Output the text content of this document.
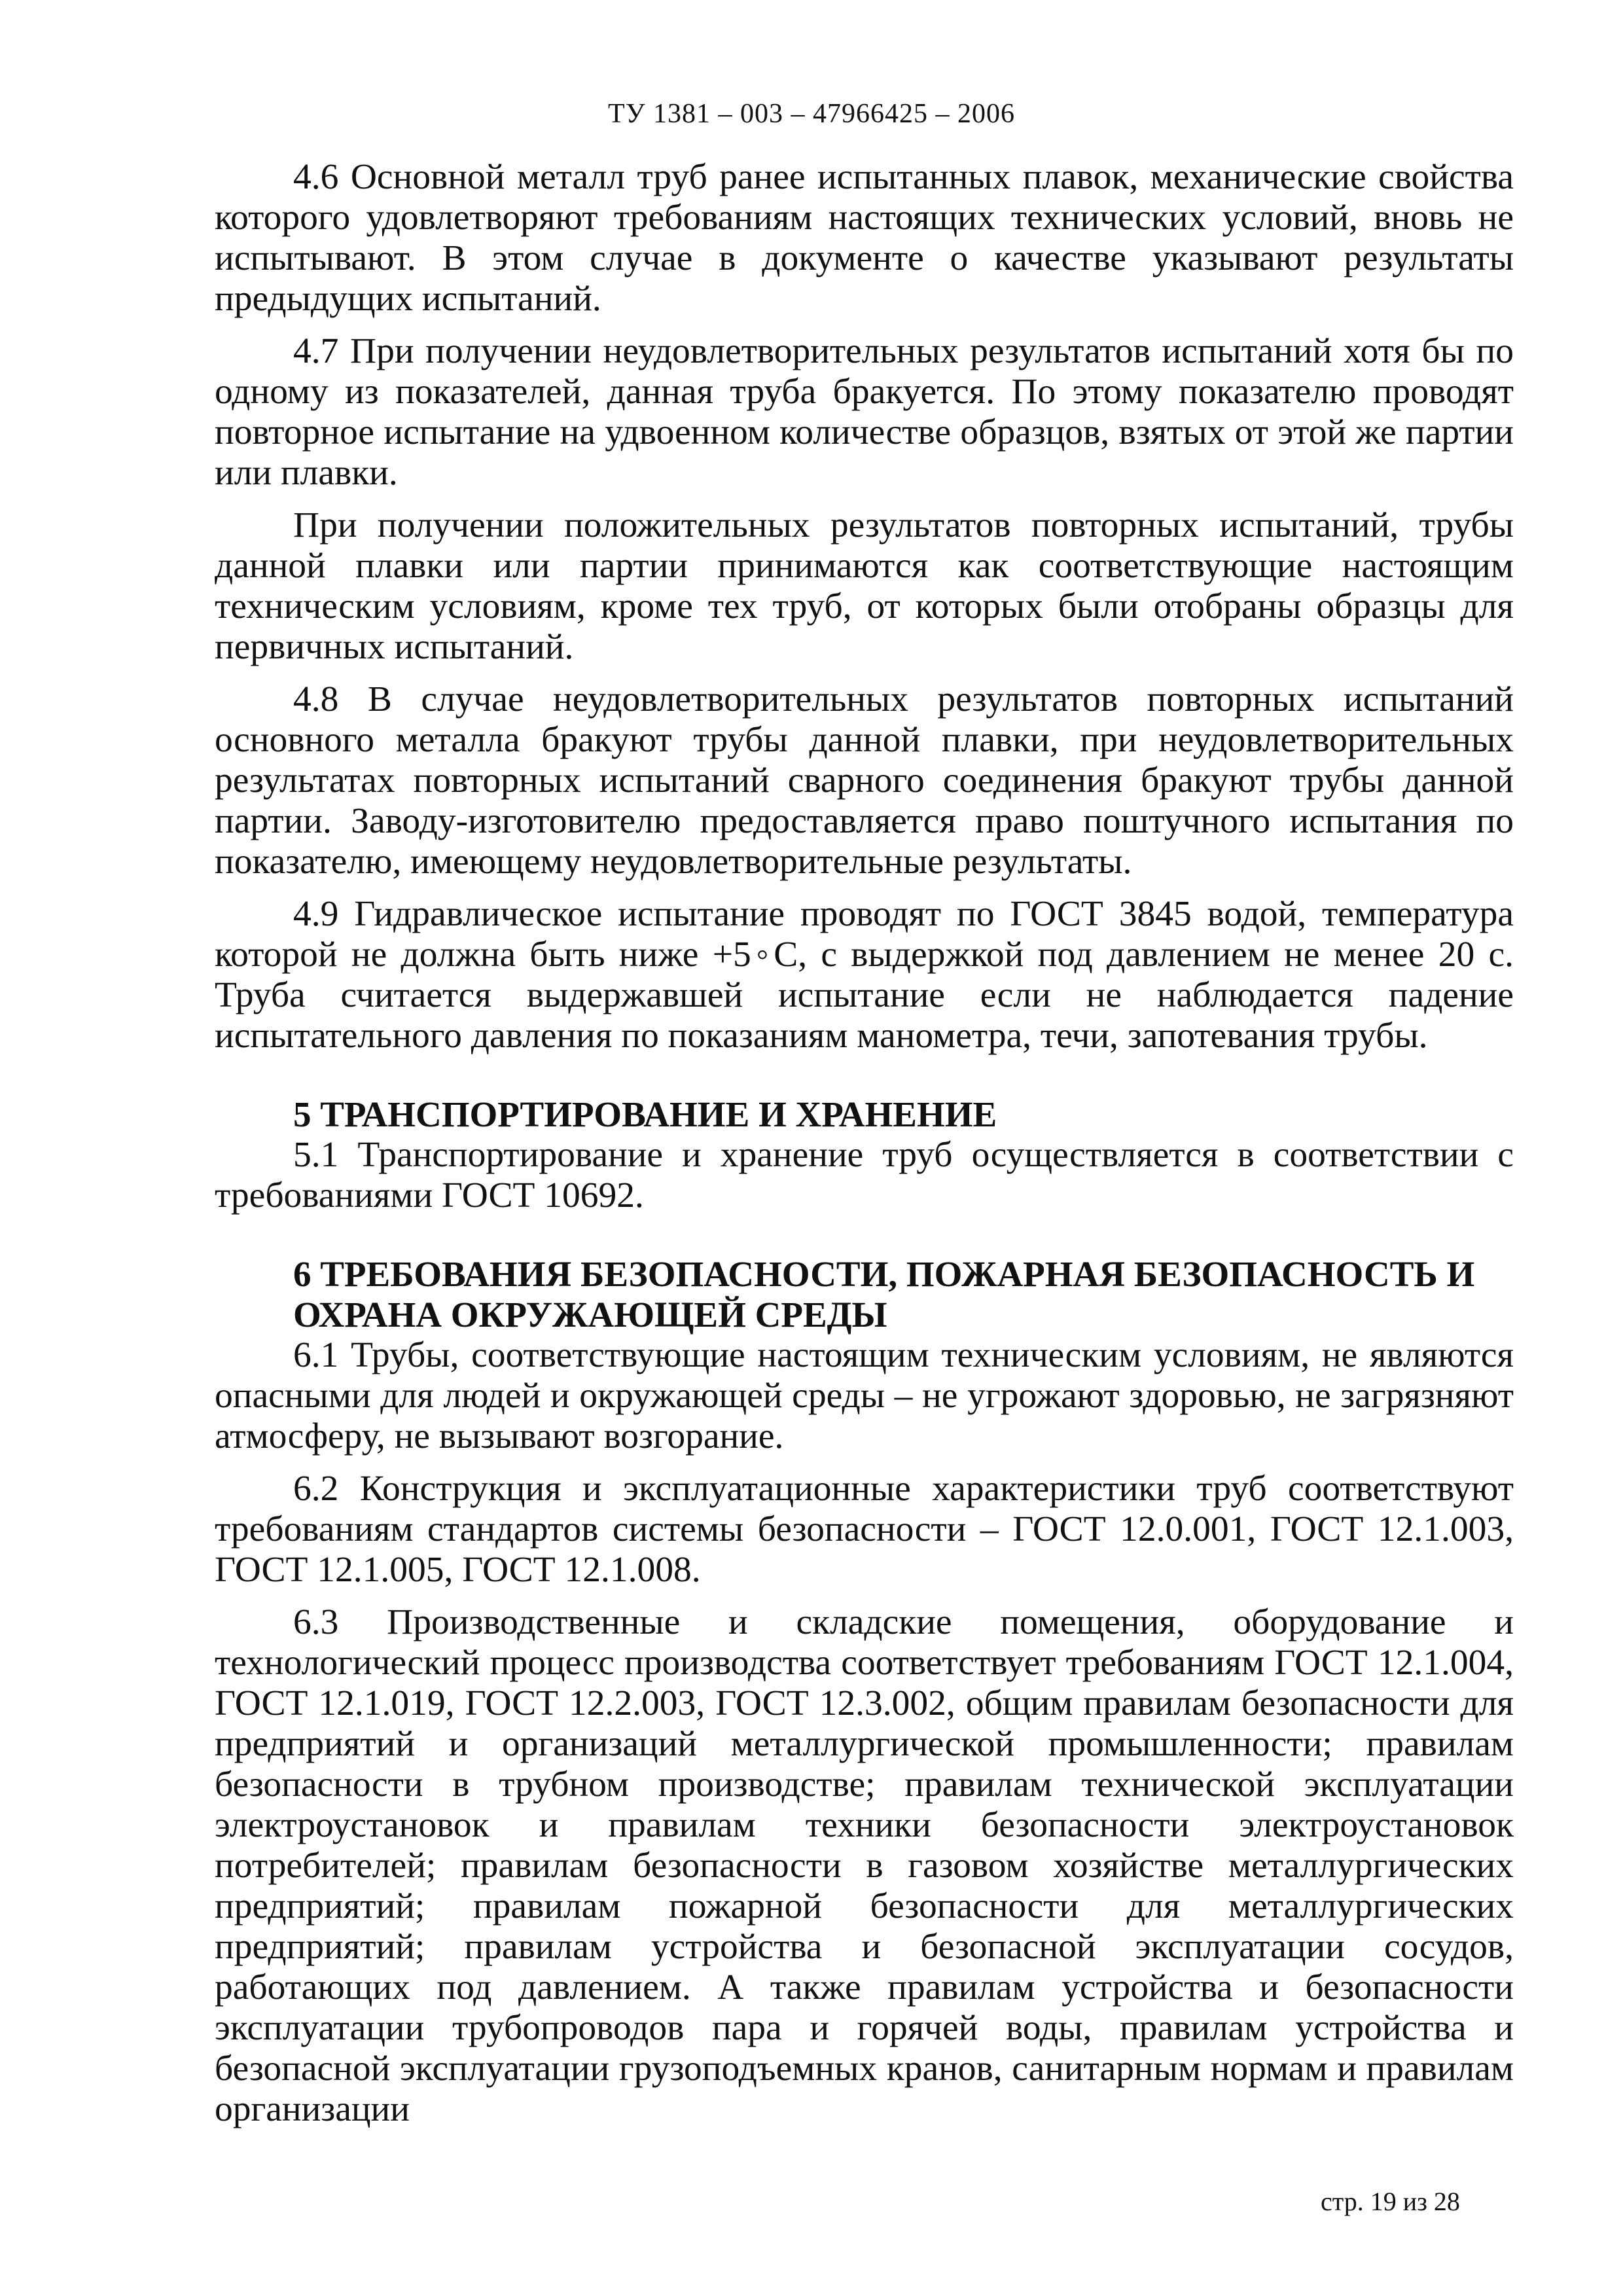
ТУ 1381 – 003 – 47966425 – 2006

4.6 Основной металл труб ранее испытанных плавок, механические свойства которого удовлетворяют требованиям настоящих технических условий, вновь не испытывают. В этом случае в документе о качестве указывают результаты предыдущих испытаний.

4.7 При получении неудовлетворительных результатов испытаний хотя бы по одному из показателей, данная труба бракуется. По этому показателю проводят повторное испытание на удвоенном количестве образцов, взятых от этой же партии или плавки.

При получении положительных результатов повторных испытаний, трубы данной плавки или партии принимаются как соответствующие настоящим техническим условиям, кроме тех труб, от которых были отобраны образцы для первичных испытаний.

4.8 В случае неудовлетворительных результатов повторных испытаний основного металла бракуют трубы данной плавки, при неудовлетворительных результатах повторных испытаний сварного соединения бракуют трубы данной партии. Заводу-изготовителю предоставляется право поштучного испытания по показателю, имеющему неудовлетворительные результаты.

4.9 Гидравлическое испытание проводят по ГОСТ 3845 водой, температура которой не должна быть ниже +5◦С, с выдержкой под давлением не менее 20 с. Труба считается выдержавшей испытание если не наблюдается падение испытательного давления по показаниям манометра, течи, запотевания трубы.

5 ТРАНСПОРТИРОВАНИЕ И ХРАНЕНИЕ

5.1 Транспортирование и хранение труб осуществляется в соответствии с требованиями ГОСТ 10692.

6 ТРЕБОВАНИЯ БЕЗОПАСНОСТИ, ПОЖАРНАЯ БЕЗОПАСНОСТЬ И
ОХРАНА ОКРУЖАЮЩЕЙ СРЕДЫ

6.1 Трубы, соответствующие настоящим техническим условиям, не являются опасными для людей и окружающей среды – не угрожают здоровью, не загрязняют атмосферу, не вызывают возгорание.

6.2 Конструкция и эксплуатационные характеристики труб соответствуют требованиям стандартов системы безопасности – ГОСТ 12.0.001, ГОСТ 12.1.003, ГОСТ 12.1.005, ГОСТ 12.1.008.

6.3 Производственные и складские помещения, оборудование и технологический процесс производства соответствует требованиям ГОСТ 12.1.004, ГОСТ 12.1.019, ГОСТ 12.2.003, ГОСТ 12.3.002, общим правилам безопасности для предприятий и организаций металлургической промышленности; правилам безопасности в трубном производстве; правилам технической эксплуатации электроустановок и правилам техники безопасности электроустановок потребителей; правилам безопасности в газовом хозяйстве металлургических предприятий; правилам пожарной безопасности для металлургических предприятий; правилам устройства и безопасной эксплуатации сосудов, работающих под давлением. А также правилам устройства и безопасности эксплуатации трубопроводов пара и горячей воды, правилам устройства и безопасной эксплуатации грузоподъемных кранов, санитарным нормам и правилам организации

стр. 19 из 28
